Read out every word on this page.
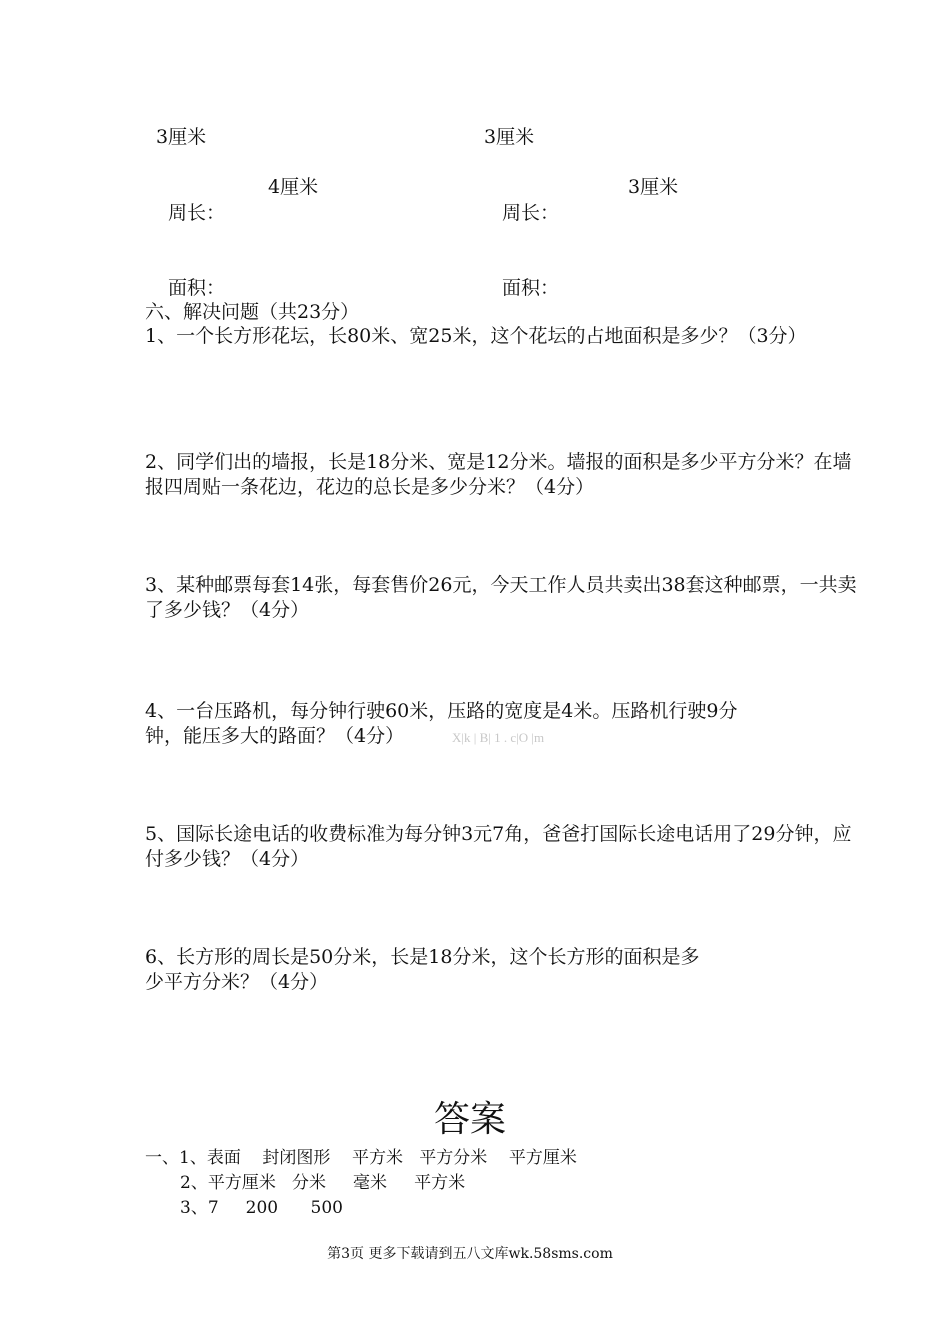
3厘米	3厘米
4厘米	3厘米
周长：	周长：
面积：	面积：
六、解决问题（共23分）
1、一个长方形花坛，长80米、宽25米，这个花坛的占地面积是多少？（3分）
2、同学们出的墙报，长是18分米、宽是12分米。墙报的面积是多少平方分米？在墙报四周贴一条花边，花边的总长是多少分米？（4分）
3、某种邮票每套14张，每套售价26元，今天工作人员共卖出38套这种邮票，一共卖了多少钱？（4分）
4、一台压路机，每分钟行驶60米，压路的宽度是4米。压路机行驶9分
钟，能压多大的路面？（4分）	X|k | B| 1 . c|O |m
5、国际长途电话的收费标准为每分钟3元7角，爸爸打国际长途电话用了29分钟，应付多少钱？（4分）
6、长方形的周长是50分米，长是18分米，这个长方形的面积是多
少平方分米？（4分）
答案
一、1、表面    封闭图形    平方米   平方分米    平方厘米
2、平方厘米   分米     毫米     平方米
3、7     200      500
第3页 更多下载请到五八文库wk.58sms.com
